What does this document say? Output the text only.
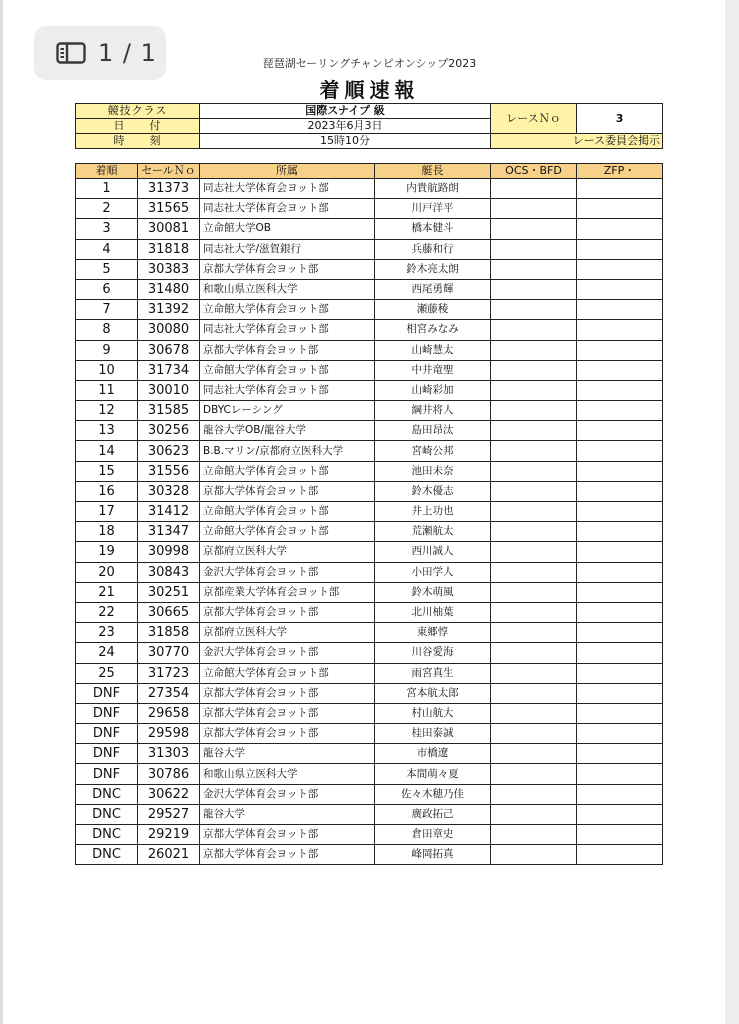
1 / 1	琵琶湖セーリングチャンピオンシップ2023
着順速報
競技クラス	国際スナイプ 級	レースＮｏ	3
日　　付	2023年6月3日		
時　　刻	15時10分	レース委員会掲示	
着順	セールＮｏ	所属	艇長	OCS・BFD	ZFP・
1	31373	同志社大学体育会ヨット部	内貴航路朗		
2	31565	同志社大学体育会ヨット部	川戸洋平		
3	30081	立命館大学OB	橋本健斗		
4	31818	同志社大学/滋賀銀行	兵藤和行		
5	30383	京都大学体育会ヨット部	鈴木亮太朗		
6	31480	和歌山県立医科大学	西尾勇輝		
7	31392	立命館大学体育会ヨット部	瀬藤稜		
8	30080	同志社大学体育会ヨット部	相宮みなみ		
9	30678	京都大学体育会ヨット部	山崎慧太		
10	31734	立命館大学体育会ヨット部	中井竜聖		
11	30010	同志社大学体育会ヨット部	山崎彩加		
12	31585	DBYCレーシング	綱井将人		
13	30256	龍谷大学OB/龍谷大学	島田昂汰		
14	30623	B.B.マリン/京都府立医科大学	宮崎公邦		
15	31556	立命館大学体育会ヨット部	池田未奈		
16	30328	京都大学体育会ヨット部	鈴木優志		
17	31412	立命館大学体育会ヨット部	井上功也		
18	31347	立命館大学体育会ヨット部	荒瀬航太		
19	30998	京都府立医科大学	西川誠人		
20	30843	金沢大学体育会ヨット部	小田学人		
21	30251	京都産業大学体育会ヨット部	鈴木萌風		
22	30665	京都大学体育会ヨット部	北川柚葉		
23	31858	京都府立医科大学	東郷惇		
24	30770	金沢大学体育会ヨット部	川谷愛海		
25	31723	立命館大学体育会ヨット部	雨宮真生		
DNF	27354	京都大学体育会ヨット部	宮本航太郎		
DNF	29658	京都大学体育会ヨット部	村山航大		
DNF	29598	京都大学体育会ヨット部	桂田泰誠		
DNF	31303	龍谷大学	市橋遼		
DNF	30786	和歌山県立医科大学	本間萌々夏		
DNC	30622	金沢大学体育会ヨット部	佐々木穂乃佳		
DNC	29527	龍谷大学	廣政拓己		
DNC	29219	京都大学体育会ヨット部	倉田章史		
DNC	26021	京都大学体育会ヨット部	峰岡拓真		
